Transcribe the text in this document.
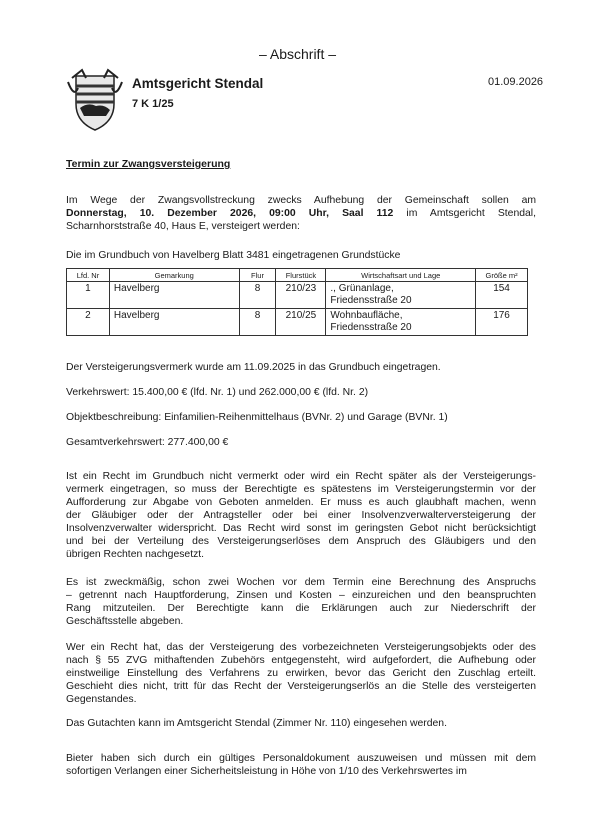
– Abschrift –
Amtsgericht Stendal	01.09.2026
7 K 1/25
Termin zur Zwangsversteigerung
Im Wege der Zwangsvollstreckung zwecks Aufhebung der Gemeinschaft sollen am
Donnerstag, 10. Dezember 2026, 09:00 Uhr, Saal 112 im Amtsgericht Stendal,
Scharnhorststraße 40, Haus E, versteigert werden:
Die im Grundbuch von Havelberg Blatt 3481 eingetragenen Grundstücke
Lfd. Nr	Gemarkung	Flur	Flurstück	Wirtschaftsart und Lage	Größe m²
1	Havelberg	8	210/23	., Grünanlage,
Friedensstraße 20	154
2	Havelberg	8	210/25	Wohnbaufläche,
Friedensstraße 20	176
Der Versteigerungsvermerk wurde am 11.09.2025 in das Grundbuch eingetragen.
Verkehrswert: 15.400,00 € (lfd. Nr. 1) und 262.000,00 € (lfd. Nr. 2)
Objektbeschreibung: Einfamilien-Reihenmittelhaus (BVNr. 2) und Garage (BVNr. 1)
Gesamtverkehrswert: 277.400,00 €
Ist ein Recht im Grundbuch nicht vermerkt oder wird ein Recht später als der Versteigerungs-
vermerk eingetragen, so muss der Berechtigte es spätestens im Versteigerungstermin vor der
Aufforderung zur Abgabe von Geboten anmelden. Er muss es auch glaubhaft machen, wenn
der Gläubiger oder der Antragsteller oder bei einer Insolvenzverwalterversteigerung der
Insolvenzverwalter widerspricht. Das Recht wird sonst im geringsten Gebot nicht berücksichtigt
und bei der Verteilung des Versteigerungserlöses dem Anspruch des Gläubigers und den
übrigen Rechten nachgesetzt.
Es ist zweckmäßig, schon zwei Wochen vor dem Termin eine Berechnung des Anspruchs
– getrennt nach Hauptforderung, Zinsen und Kosten – einzureichen und den beanspruchten
Rang mitzuteilen. Der Berechtigte kann die Erklärungen auch zur Niederschrift der
Geschäftsstelle abgeben.
Wer ein Recht hat, das der Versteigerung des vorbezeichneten Versteigerungsobjekts oder des
nach § 55 ZVG mithaftenden Zubehörs entgegensteht, wird aufgefordert, die Aufhebung oder
einstweilige Einstellung des Verfahrens zu erwirken, bevor das Gericht den Zuschlag erteilt.
Geschieht dies nicht, tritt für das Recht der Versteigerungserlös an die Stelle des versteigerten
Gegenstandes.
Das Gutachten kann im Amtsgericht Stendal (Zimmer Nr. 110) eingesehen werden.
Bieter haben sich durch ein gültiges Personaldokument auszuweisen und müssen mit dem
sofortigen Verlangen einer Sicherheitsleistung in Höhe von 1/10 des Verkehrswertes im
